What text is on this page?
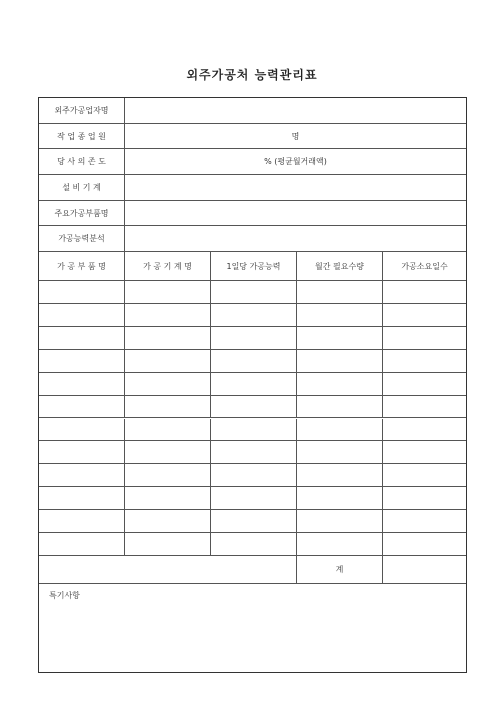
외주가공처 능력관리표
외주가공업자명
작 업 종 업 원	명
당 사 의 존 도	% (평균월거래액)
설 비 기 계
주요가공부품명
가공능력분석
가 공 부 품 명	가 공 기 계 명	1일당 가공능력	월간 필요수량	가공소요일수
계
특기사항
